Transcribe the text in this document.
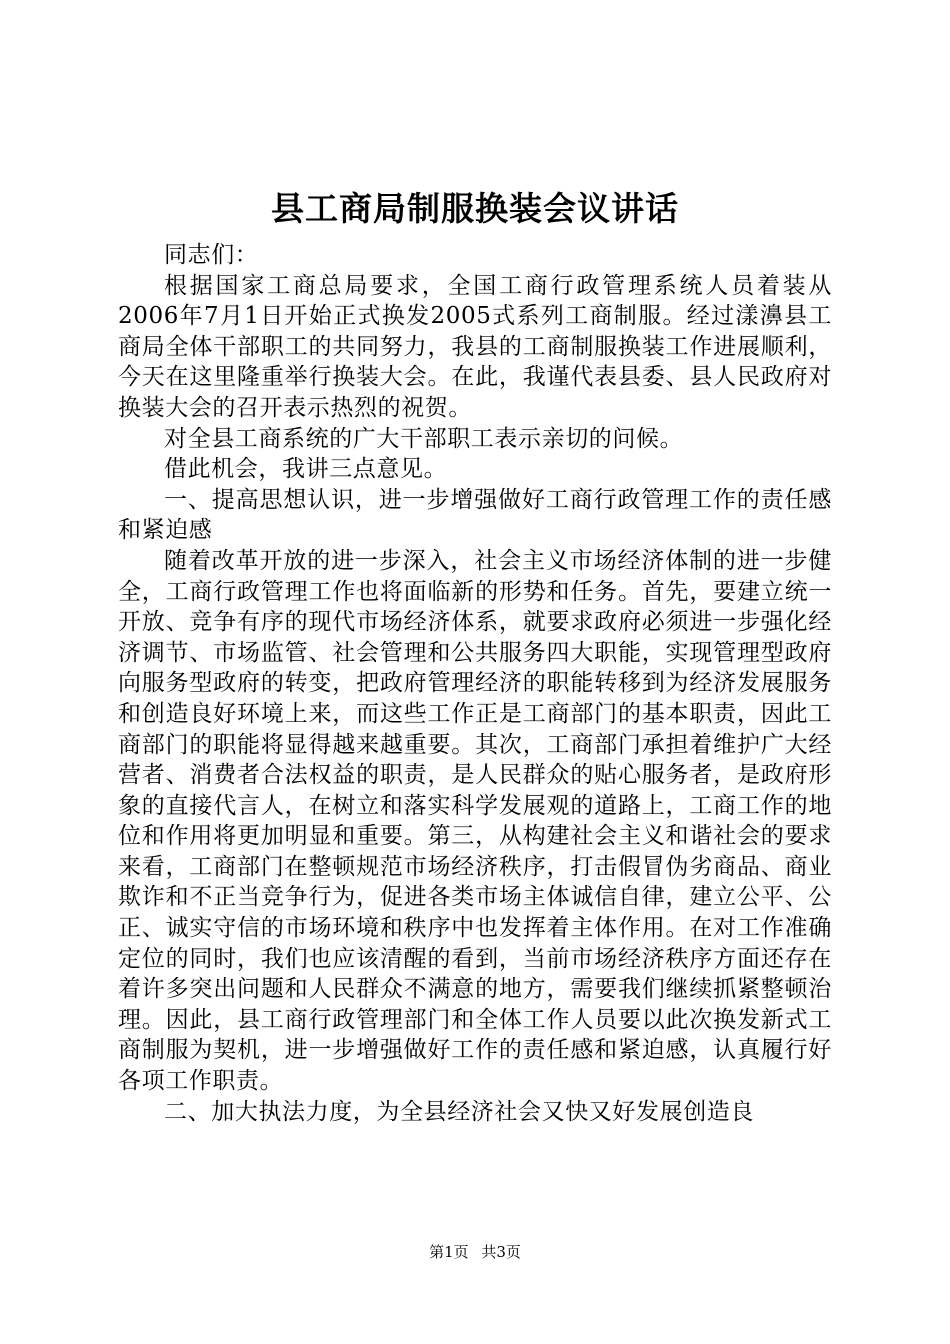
县工商局制服换装会议讲话

同志们：

根据国家工商总局要求，全国工商行政管理系统人员着装从2006年7月1日开始正式换发2005式系列工商制服。经过漾濞县工商局全体干部职工的共同努力，我县的工商制服换装工作进展顺利，今天在这里隆重举行换装大会。在此，我谨代表县委、县人民政府对换装大会的召开表示热烈的祝贺。

对全县工商系统的广大干部职工表示亲切的问候。

借此机会，我讲三点意见。

一、提高思想认识，进一步增强做好工商行政管理工作的责任感和紧迫感

随着改革开放的进一步深入，社会主义市场经济体制的进一步健全，工商行政管理工作也将面临新的形势和任务。首先，要建立统一开放、竞争有序的现代市场经济体系，就要求政府必须进一步强化经济调节、市场监管、社会管理和公共服务四大职能，实现管理型政府向服务型政府的转变，把政府管理经济的职能转移到为经济发展服务和创造良好环境上来，而这些工作正是工商部门的基本职责，因此工商部门的职能将显得越来越重要。其次，工商部门承担着维护广大经营者、消费者合法权益的职责，是人民群众的贴心服务者，是政府形象的直接代言人，在树立和落实科学发展观的道路上，工商工作的地位和作用将更加明显和重要。第三，从构建社会主义和谐社会的要求来看，工商部门在整顿规范市场经济秩序，打击假冒伪劣商品、商业欺诈和不正当竞争行为，促进各类市场主体诚信自律，建立公平、公正、诚实守信的市场环境和秩序中也发挥着主体作用。在对工作准确定位的同时，我们也应该清醒的看到，当前市场经济秩序方面还存在着许多突出问题和人民群众不满意的地方，需要我们继续抓紧整顿治理。因此，县工商行政管理部门和全体工作人员要以此次换发新式工商制服为契机，进一步增强做好工作的责任感和紧迫感，认真履行好各项工作职责。

二、加大执法力度，为全县经济社会又快又好发展创造良

第1页 共3页
